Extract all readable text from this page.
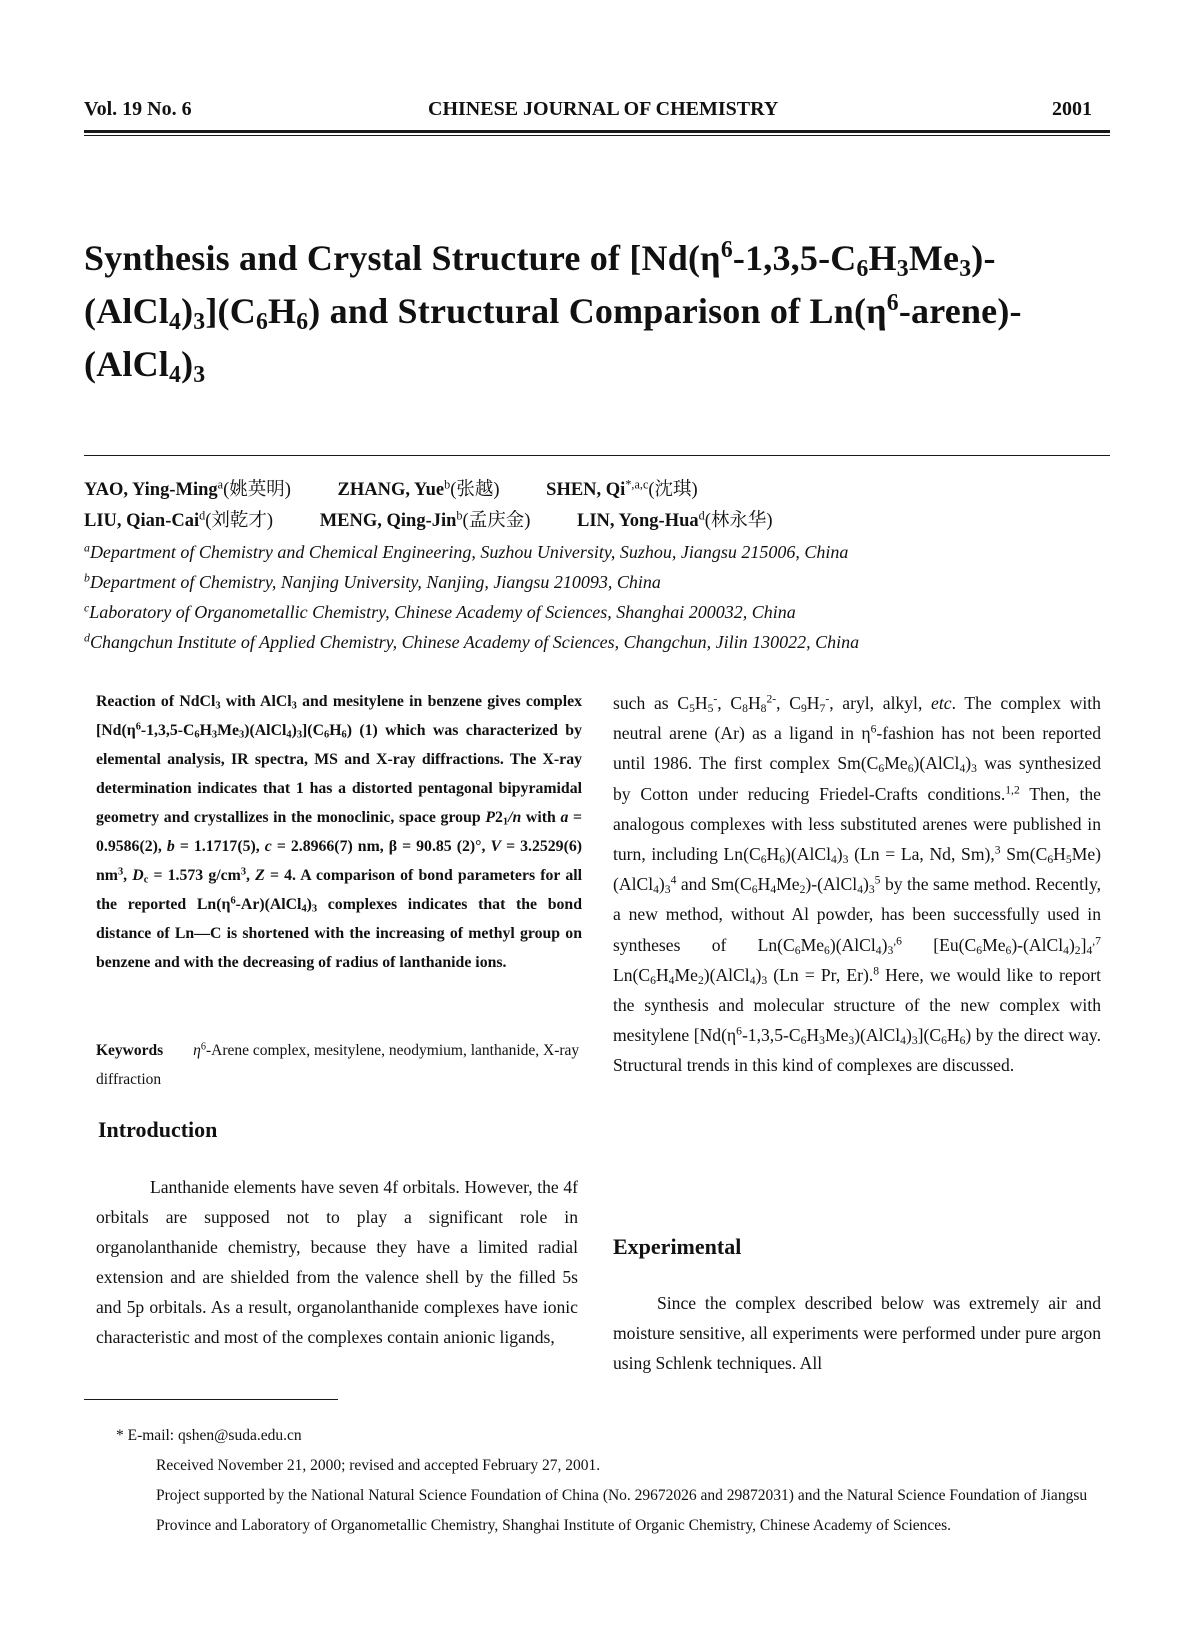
Vol. 19 No. 6	CHINESE JOURNAL OF CHEMISTRY	2001
Synthesis and Crystal Structure of $[Nd(\eta^6-1,3,5-C_6H_3Me_3)-(AlCl_4)_3](C_6H_6)$ and Structural Comparison of $Ln(\eta^6-arene)-(AlCl_4)_3$
YAO, Ying-Ming$^a$(姚英明)	ZHANG, Yue$^b$(张越)	SHEN, $Qi^{*,a,c}$(沈琪)
LIU, Qian-Cai$^d$(刘乾才)	MENG, Qing-Jin$^b$(孟庆金)	LIN, Yong-Hua$^d$(林永华)
$^a$Department of Chemistry and Chemical Engineering, Suzhou University, Suzhou, Jiangsu 215006, China
$^b$Department of Chemistry, Nanjing University, Nanjing, Jiangsu 210093, China
$^c$Laboratory of Organometallic Chemistry, Chinese Academy of Sciences, Shanghai 200032, China
$^d$Changchun Institute of Applied Chemistry, Chinese Academy of Sciences, Changchun, Jilin 130022, China
Reaction of NdCl$_3$ with AlCl$_3$ and mesitylene in benzene gives complex $[Nd(\eta^6-1,3,5-C_6H_3Me_3)(AlCl_4)_3](C_6H_6)$ (1) which was characterized by elemental analysis, IR spectra, MS and X-ray diffractions. The X-ray determination indicates that 1 has a distorted pentagonal bipyramidal geometry and crystallizes in the monoclinic, space group $P2_1/n$ with a = 0.9586(2), b = 1.1717(5), c = 2.8966(7) nm, β = 90.85 (2)°, V = 3.2529(6) $nm^3$, $D_c = 1.573$ $g/cm^3$, Z = 4. A comparison of bond parameters for all the reported $Ln(\eta^6-Ar)(AlCl_4)_3$ complexes indicates that the bond distance of Ln—C is shortened with the increasing of methyl group on benzene and with the decreasing of radius of lanthanide ions.
Keywords $\eta^6$-Arene complex, mesitylene, neodymium, lanthanide, X-ray diffraction
Introduction
Lanthanide elements have seven 4f orbitals. However, the 4f orbitals are supposed not to play a significant role in organolanthanide chemistry, because they have a limited radial extension and are shielded from the valence shell by the filled 5s and 5p orbitals. As a result, organolanthanide complexes have ionic characteristic and most of the complexes contain anionic ligands,
such as $C_5H_5^-$, $C_8H_8^{2-}$, $C_9H_7^-$, aryl, alkyl, etc. The complex with neutral arene (Ar) as a ligand in $\eta^6$-fashion has not been reported until 1986. The first complex $Sm(C_6Me_6)(AlCl_4)_3$ was synthesized by Cotton under reducing Friedel-Crafts conditions.$^{1,2}$ Then, the analogous complexes with less substituted arenes were published in turn, including $Ln(C_6H_6)(AlCl_4)_3$ (Ln = La, Nd, Sm),$^3$ $Sm(C_6H_5Me)(AlCl_4)_3^4$ and $Sm(C_6H_4Me_2)-(AlCl_4)_3^5$ by the same method. Recently, a new method, without Al powder, has been successfully used in syntheses of $Ln(C_6Me_6)(AlCl_4)_3^{,6}$ $[Eu(C_6Me_6)-(AlCl_4)_2]_4^{,7}$ $Ln(C_6H_4Me_2)(AlCl_4)_3$ (Ln = Pr, Er).$^8$ Here, we would like to report the synthesis and molecular structure of the new complex with mesitylene $[Nd(\eta^6-1,3,5-C_6H_3Me_3)(AlCl_4)_3](C_6H_6)$ by the direct way. Structural trends in this kind of complexes are discussed.
Experimental
Since the complex described below was extremely air and moisture sensitive, all experiments were performed under pure argon using Schlenk techniques. All

* E-mail: qshen@suda.edu.cn

Received November 21, 2000; revised and accepted February 27, 2001.

Project supported by the National Natural Science Foundation of China (No. 29672026 and 29872031) and the Natural Science Foundation of Jiangsu Province and Laboratory of Organometallic Chemistry, Shanghai Institute of Organic Chemistry, Chinese Academy of Sciences.
